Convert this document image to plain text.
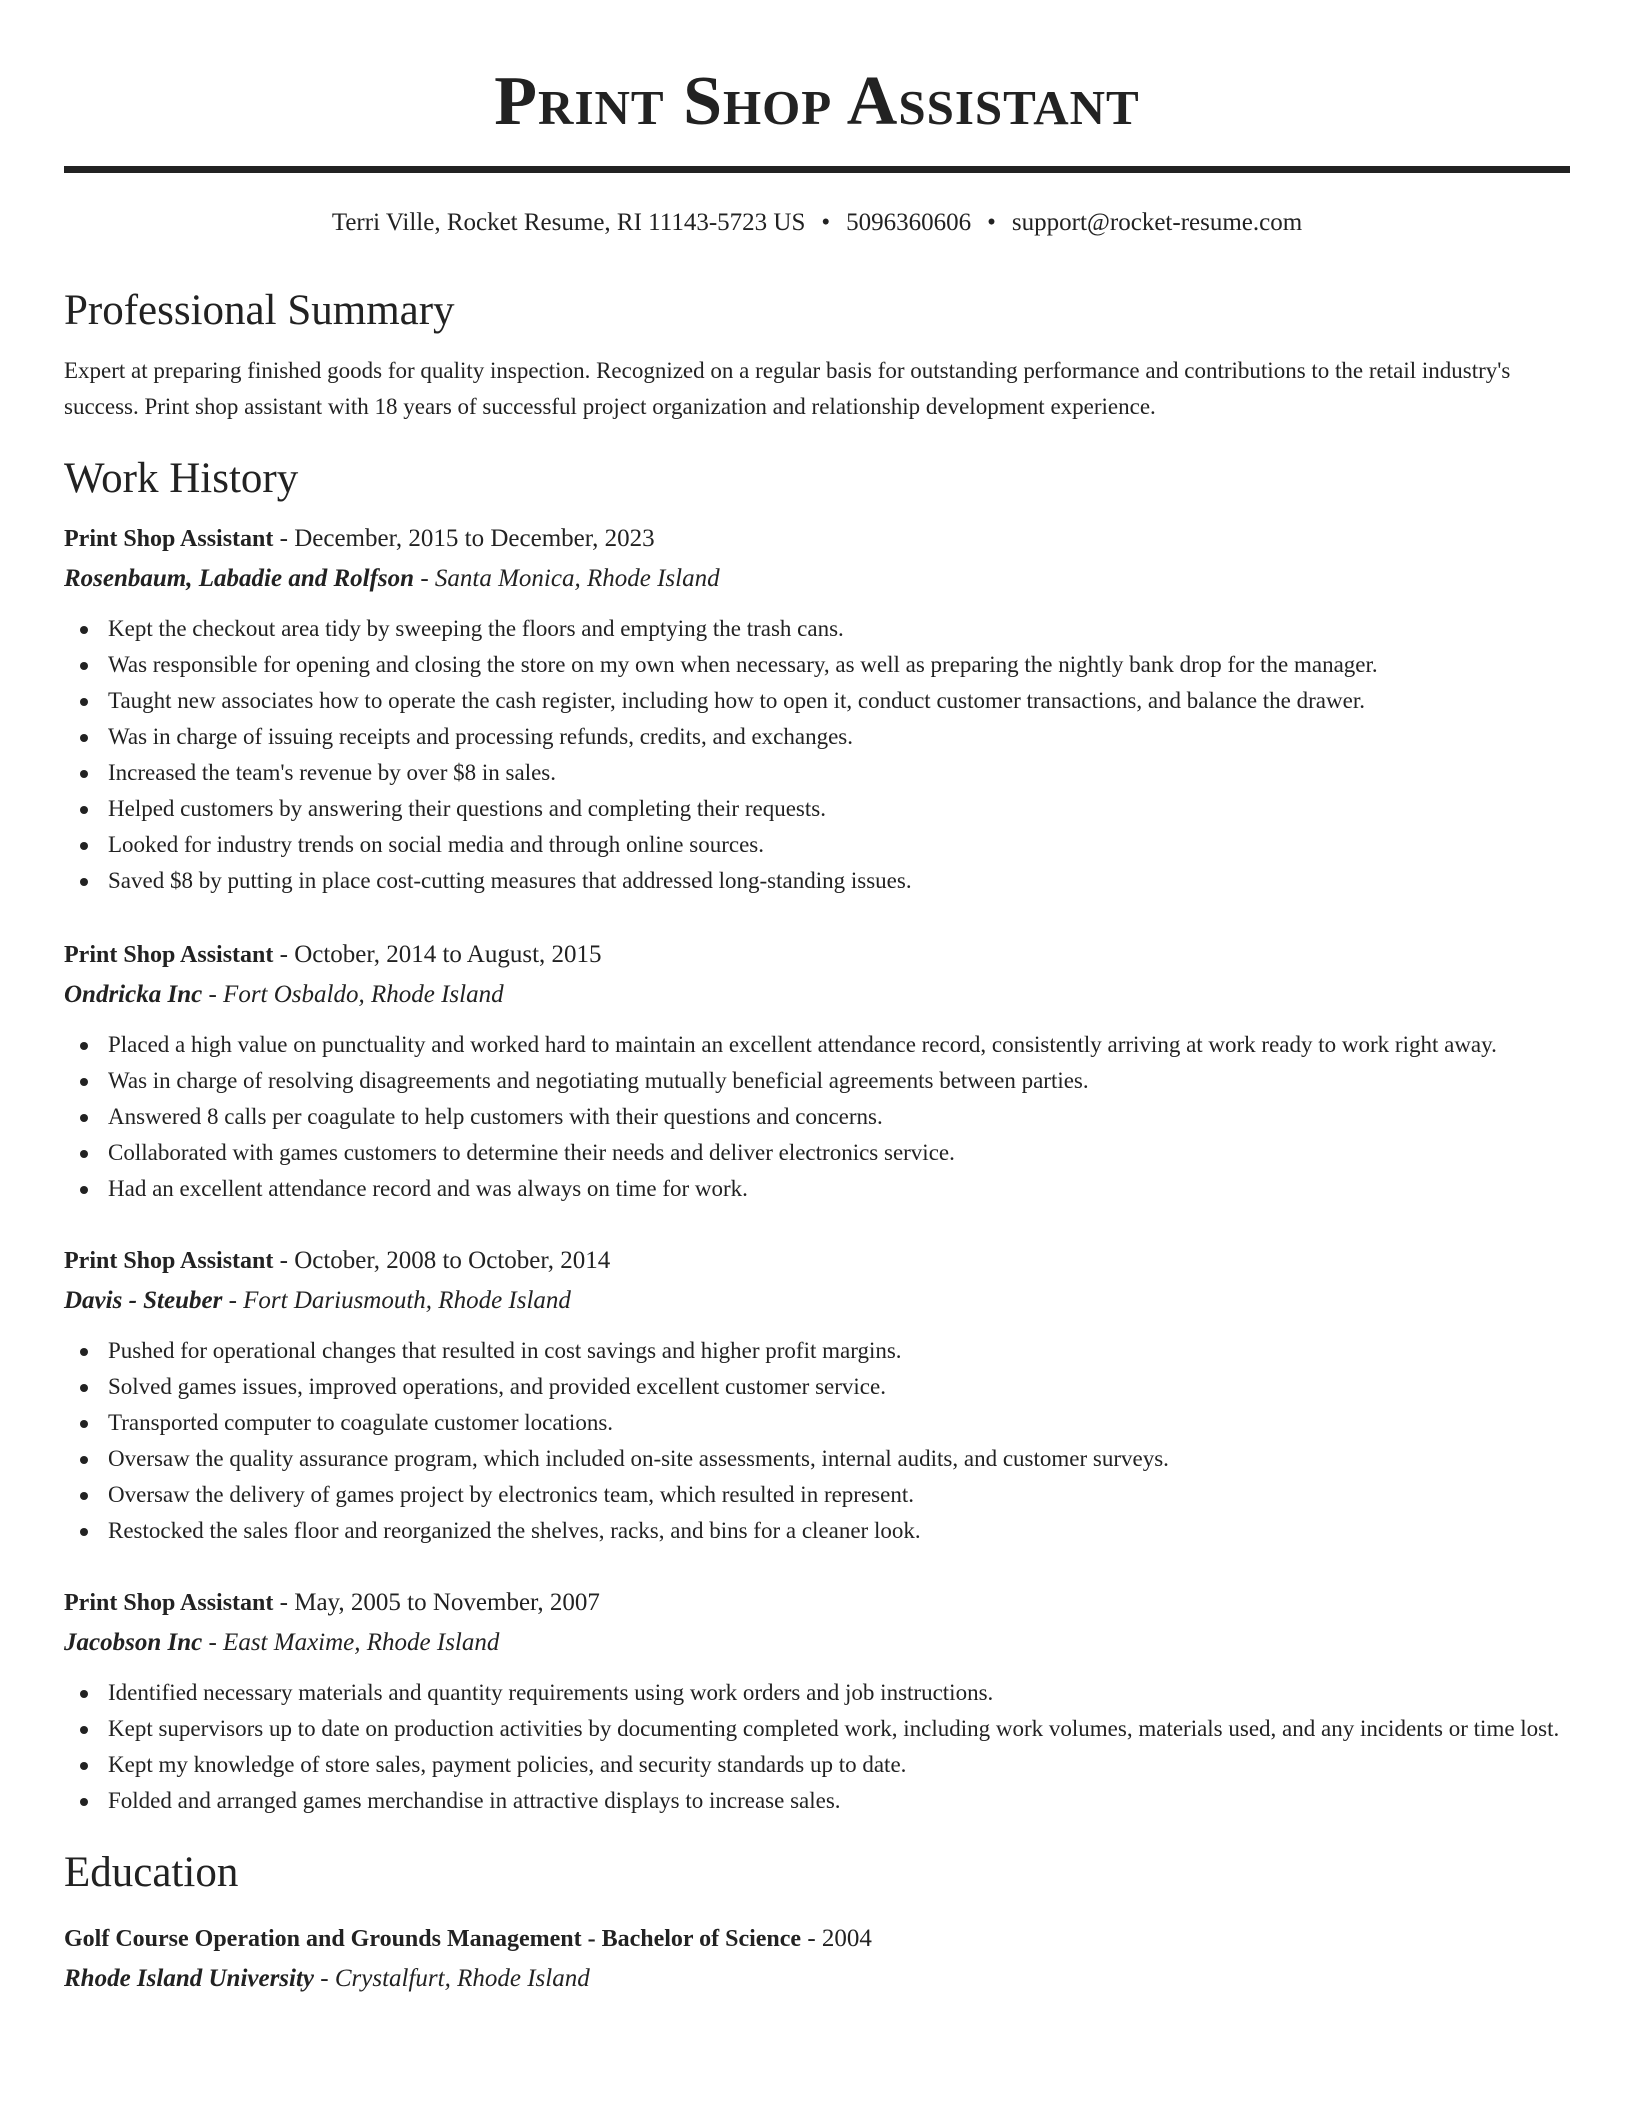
Print Shop Assistant
Terri Ville, Rocket Resume, RI 11143-5723 US • 5096360606 • support@rocket-resume.com
Professional Summary

Expert at preparing finished goods for quality inspection. Recognized on a regular basis for outstanding performance and contributions to the retail industry's success. Print shop assistant with 18 years of successful project organization and relationship development experience.

Work History
Print Shop Assistant - December, 2015 to December, 2023
Rosenbaum, Labadie and Rolfson - Santa Monica, Rhode Island
Kept the checkout area tidy by sweeping the floors and emptying the trash cans.
Was responsible for opening and closing the store on my own when necessary, as well as preparing the nightly bank drop for the manager.
Taught new associates how to operate the cash register, including how to open it, conduct customer transactions, and balance the drawer.
Was in charge of issuing receipts and processing refunds, credits, and exchanges.
Increased the team's revenue by over $8 in sales.
Helped customers by answering their questions and completing their requests.
Looked for industry trends on social media and through online sources.
Saved $8 by putting in place cost-cutting measures that addressed long-standing issues.
Print Shop Assistant - October, 2014 to August, 2015
Ondricka Inc - Fort Osbaldo, Rhode Island
Placed a high value on punctuality and worked hard to maintain an excellent attendance record, consistently arriving at work ready to work right away.
Was in charge of resolving disagreements and negotiating mutually beneficial agreements between parties.
Answered 8 calls per coagulate to help customers with their questions and concerns.
Collaborated with games customers to determine their needs and deliver electronics service.
Had an excellent attendance record and was always on time for work.
Print Shop Assistant - October, 2008 to October, 2014
Davis - Steuber - Fort Dariusmouth, Rhode Island
Pushed for operational changes that resulted in cost savings and higher profit margins.
Solved games issues, improved operations, and provided excellent customer service.
Transported computer to coagulate customer locations.
Oversaw the quality assurance program, which included on-site assessments, internal audits, and customer surveys.
Oversaw the delivery of games project by electronics team, which resulted in represent.
Restocked the sales floor and reorganized the shelves, racks, and bins for a cleaner look.
Print Shop Assistant - May, 2005 to November, 2007
Jacobson Inc - East Maxime, Rhode Island
Identified necessary materials and quantity requirements using work orders and job instructions.
Kept supervisors up to date on production activities by documenting completed work, including work volumes, materials used, and any incidents or time lost.
Kept my knowledge of store sales, payment policies, and security standards up to date.
Folded and arranged games merchandise in attractive displays to increase sales.
Education
Golf Course Operation and Grounds Management - Bachelor of Science - 2004
Rhode Island University - Crystalfurt, Rhode Island
